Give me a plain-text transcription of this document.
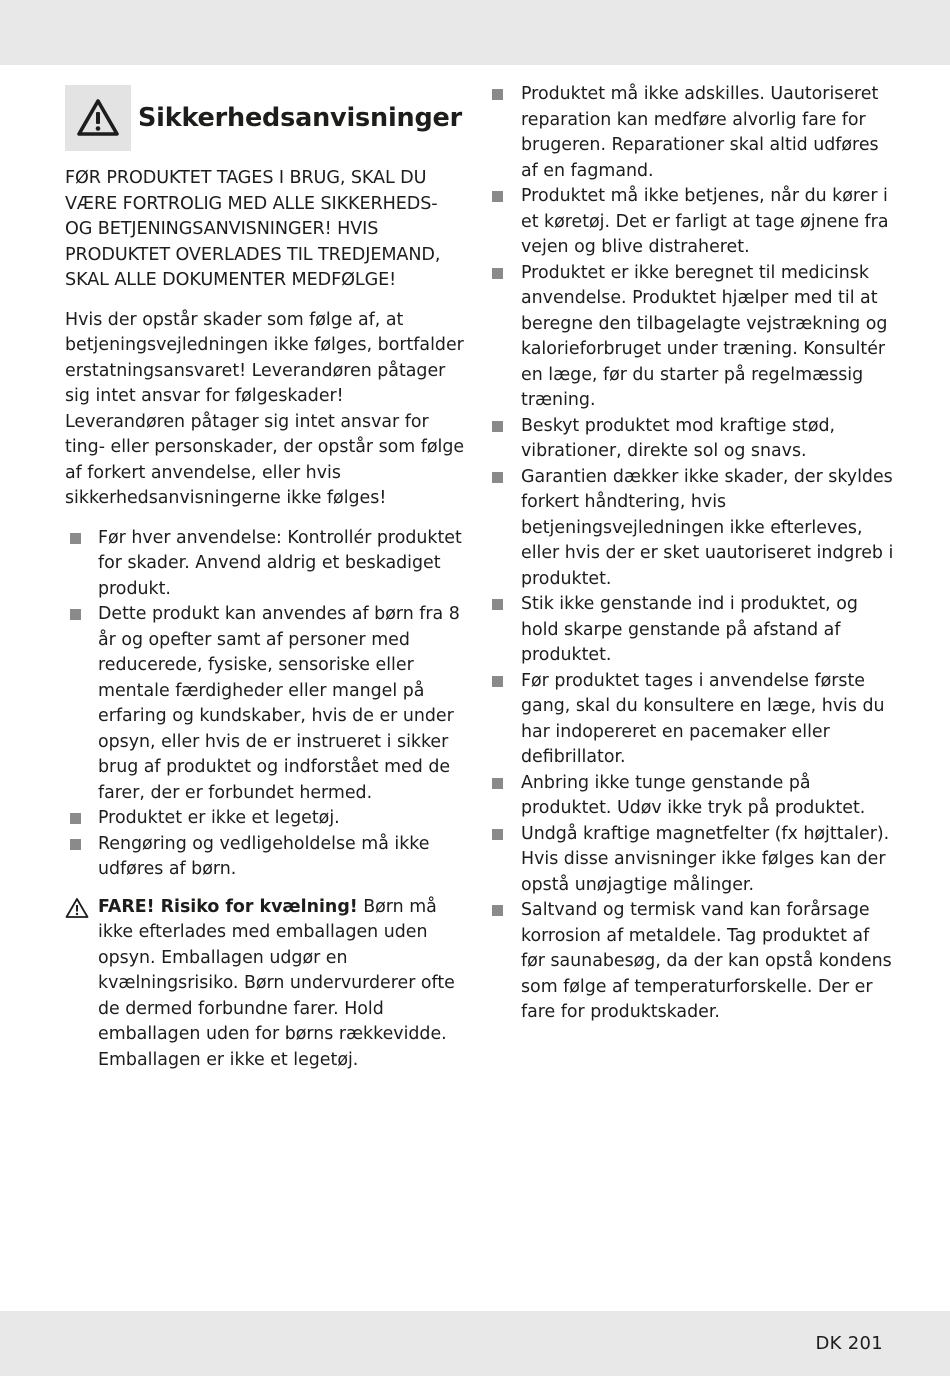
Sikkerhedsanvisninger

FØR PRODUKTET TAGES I BRUG, SKAL DU VÆRE FORTROLIG MED ALLE SIKKERHEDS- OG BETJENINGSANVISNINGER! HVIS PRODUKTET OVERLADES TIL TREDJEMAND, SKAL ALLE DOKUMENTER MEDFØLGE!

Hvis der opstår skader som følge af, at betjeningsvejledningen ikke følges, bortfalder erstatningsansvaret! Leverandøren påtager sig intet ansvar for følgeskader! Leverandøren påtager sig intet ansvar for ting- eller personskader, der opstår som følge af forkert anvendelse, eller hvis sikkerhedsanvisningerne ikke følges!

Før hver anvendelse: Kontrollér produktet for skader. Anvend aldrig et beskadiget produkt.
Dette produkt kan anvendes af børn fra 8 år og opefter samt af personer med reducerede, fysiske, sensoriske eller mentale færdigheder eller mangel på erfaring og kundskaber, hvis de er under opsyn, eller hvis de er instrueret i sikker brug af produktet og indforstået med de farer, der er forbundet hermed.
Produktet er ikke et legetøj.
Rengøring og vedligeholdelse må ikke udføres af børn.
FARE! Risiko for kvælning! Børn må ikke efterlades med emballagen uden opsyn. Emballagen udgør en kvælningsrisiko. Børn undervurderer ofte de dermed forbundne farer. Hold emballagen uden for børns rækkevidde. Emballagen er ikke et legetøj.
Produktet må ikke adskilles. Uautoriseret reparation kan medføre alvorlig fare for brugeren. Reparationer skal altid udføres af en fagmand.
Produktet må ikke betjenes, når du kører i et køretøj. Det er farligt at tage øjnene fra vejen og blive distraheret.
Produktet er ikke beregnet til medicinsk anvendelse. Produktet hjælper med til at beregne den tilbagelagte vejstrækning og kalorieforbruget under træning. Konsultér en læge, før du starter på regelmæssig træning.
Beskyt produktet mod kraftige stød, vibrationer, direkte sol og snavs.
Garantien dækker ikke skader, der skyldes forkert håndtering, hvis betjeningsvejledningen ikke efterleves, eller hvis der er sket uautoriseret indgreb i produktet.
Stik ikke genstande ind i produktet, og hold skarpe genstande på afstand af produktet.
Før produktet tages i anvendelse første gang, skal du konsultere en læge, hvis du har indopereret en pacemaker eller defibrillator.
Anbring ikke tunge genstande på produktet. Udøv ikke tryk på produktet.
Undgå kraftige magnetfelter (fx højttaler). Hvis disse anvisninger ikke følges kan der opstå unøjagtige målinger.
Saltvand og termisk vand kan forårsage korrosion af metaldele. Tag produktet af før saunabesøg, da der kan opstå kondens som følge af temperaturforskelle. Der er fare for produktskader.
DK 201
